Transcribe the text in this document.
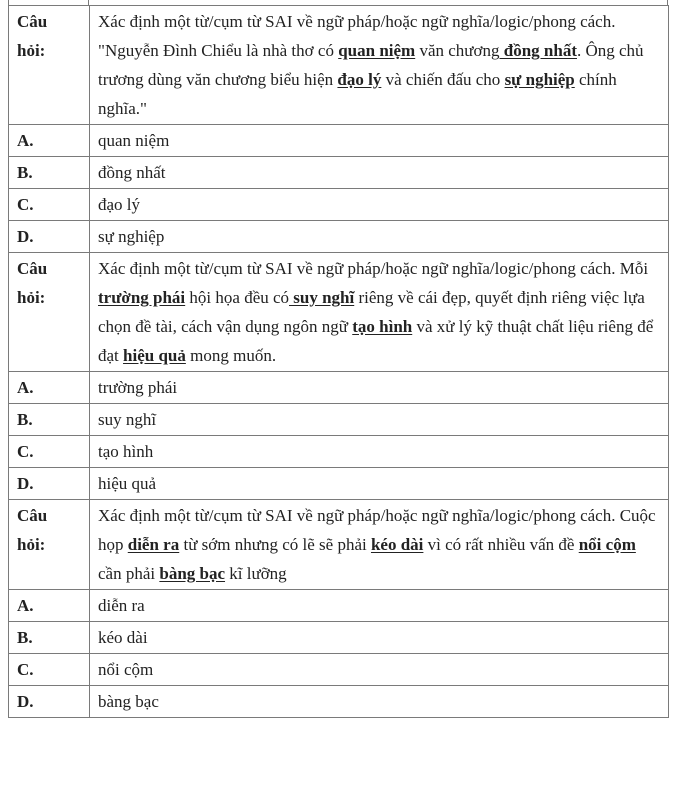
Câu
hỏi:	Xác định một từ/cụm từ SAI về ngữ pháp/hoặc ngữ nghĩa/logic/phong cách. "Nguyễn Đình Chiểu là nhà thơ có quan niệm văn chương đồng nhất. Ông chủ trương dùng văn chương biểu hiện đạo lý và chiến đấu cho sự nghiệp chính nghĩa."
A.	quan niệm
B.	đồng nhất
C.	đạo lý
D.	sự nghiệp

Câu
hỏi:	Xác định một từ/cụm từ SAI về ngữ pháp/hoặc ngữ nghĩa/logic/phong cách. Mỗi trường phái hội họa đều có suy nghĩ riêng về cái đẹp, quyết định riêng việc lựa chọn đề tài, cách vận dụng ngôn ngữ tạo hình và xử lý kỹ thuật chất liệu riêng để đạt hiệu quả mong muốn.
A.	trường phái
B.	suy nghĩ
C.	tạo hình
D.	hiệu quả

Câu
hỏi:	Xác định một từ/cụm từ SAI về ngữ pháp/hoặc ngữ nghĩa/logic/phong cách. Cuộc họp diễn ra từ sớm nhưng có lẽ sẽ phải kéo dài vì có rất nhiều vấn đề nổi cộm cần phải bàng bạc kĩ lưỡng
A.	diễn ra
B.	kéo dài
C.	nổi cộm
D.	bàng bạc
